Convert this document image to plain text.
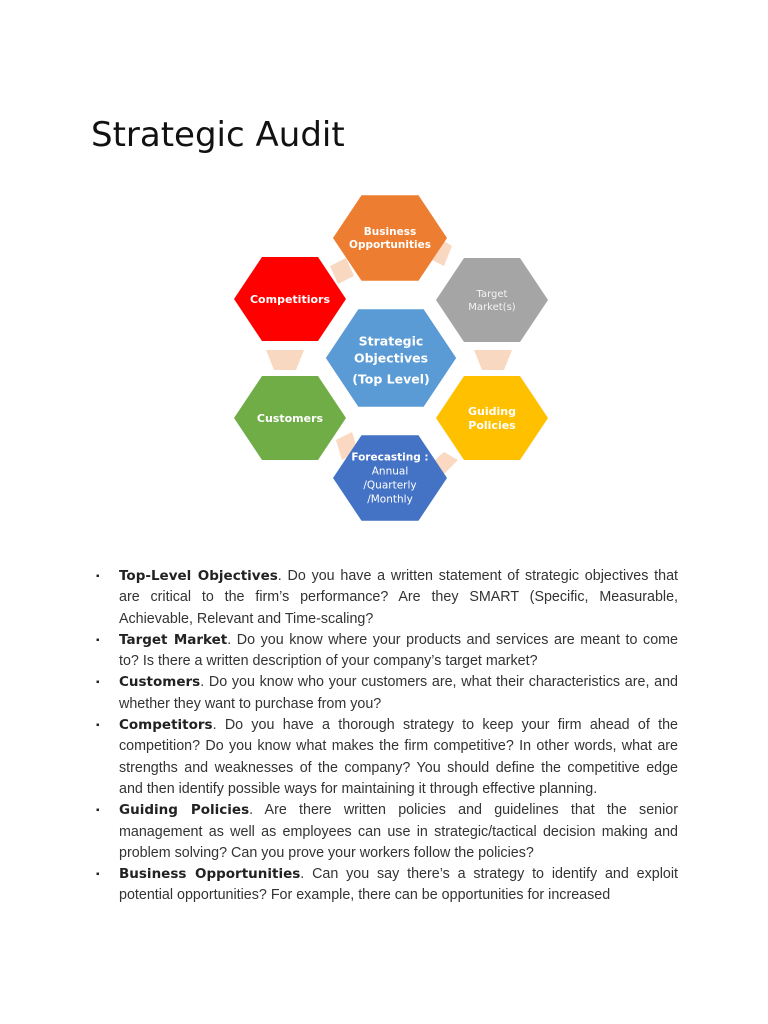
Strategic Audit
Business
Opportunities
Target
Market(s)
Guiding
Policies
Forecasting :
Annual
/Quarterly
/Monthly
Customers
Competitiors
Strategic
Objectives
(Top Level)
▪ Top-Level Objectives. Do you have a written statement of strategic objectives that are critical to the firm’s performance? Are they SMART (Specific, Measurable, Achievable, Relevant and Time-scaling?
▪ Target Market. Do you know where your products and services are meant to come to? Is there a written description of your company’s target market?
▪ Customers. Do you know who your customers are, what their characteristics are, and whether they want to purchase from you?
▪ Competitors. Do you have a thorough strategy to keep your firm ahead of the competition? Do you know what makes the firm competitive? In other words, what are strengths and weaknesses of the company? You should define the competitive edge and then identify possible ways for maintaining it through effective planning.
▪ Guiding Policies. Are there written policies and guidelines that the senior management as well as employees can use in strategic/tactical decision making and problem solving? Can you prove your workers follow the policies?
▪ Business Opportunities. Can you say there’s a strategy to identify and exploit potential opportunities? For example, there can be opportunities for increased
